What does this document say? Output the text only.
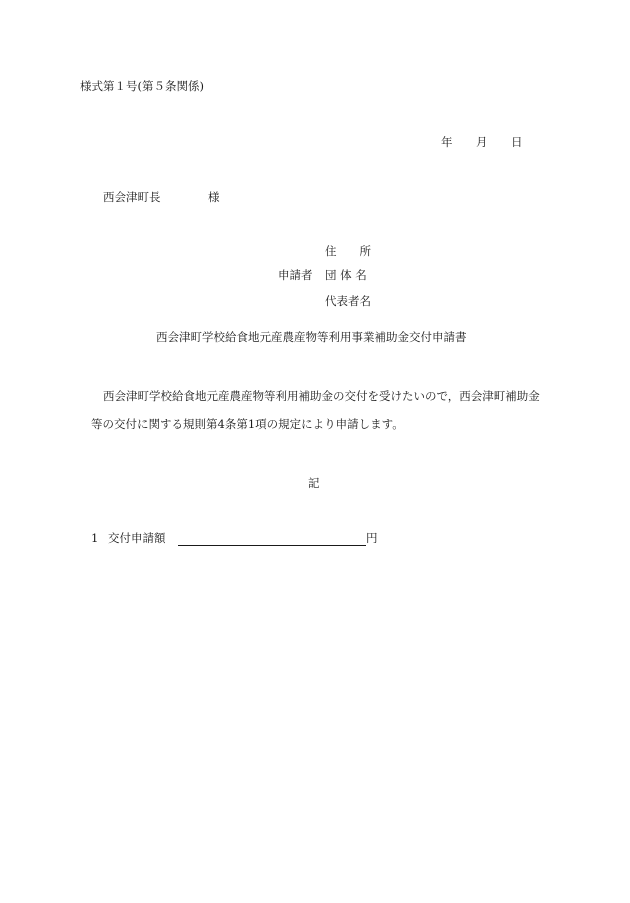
様式第１号(第５条関係)
年 月 日
西会津町長	様
住　　所
申請者 団 体 名
代表者名
西会津町学校給食地元産農産物等利用事業補助金交付申請書
西会津町学校給食地元産農産物等利用補助金の交付を受けたいので，西会津町補助金
等の交付に関する規則第4条第1項の規定により申請します。
記
1 交付申請額	円
